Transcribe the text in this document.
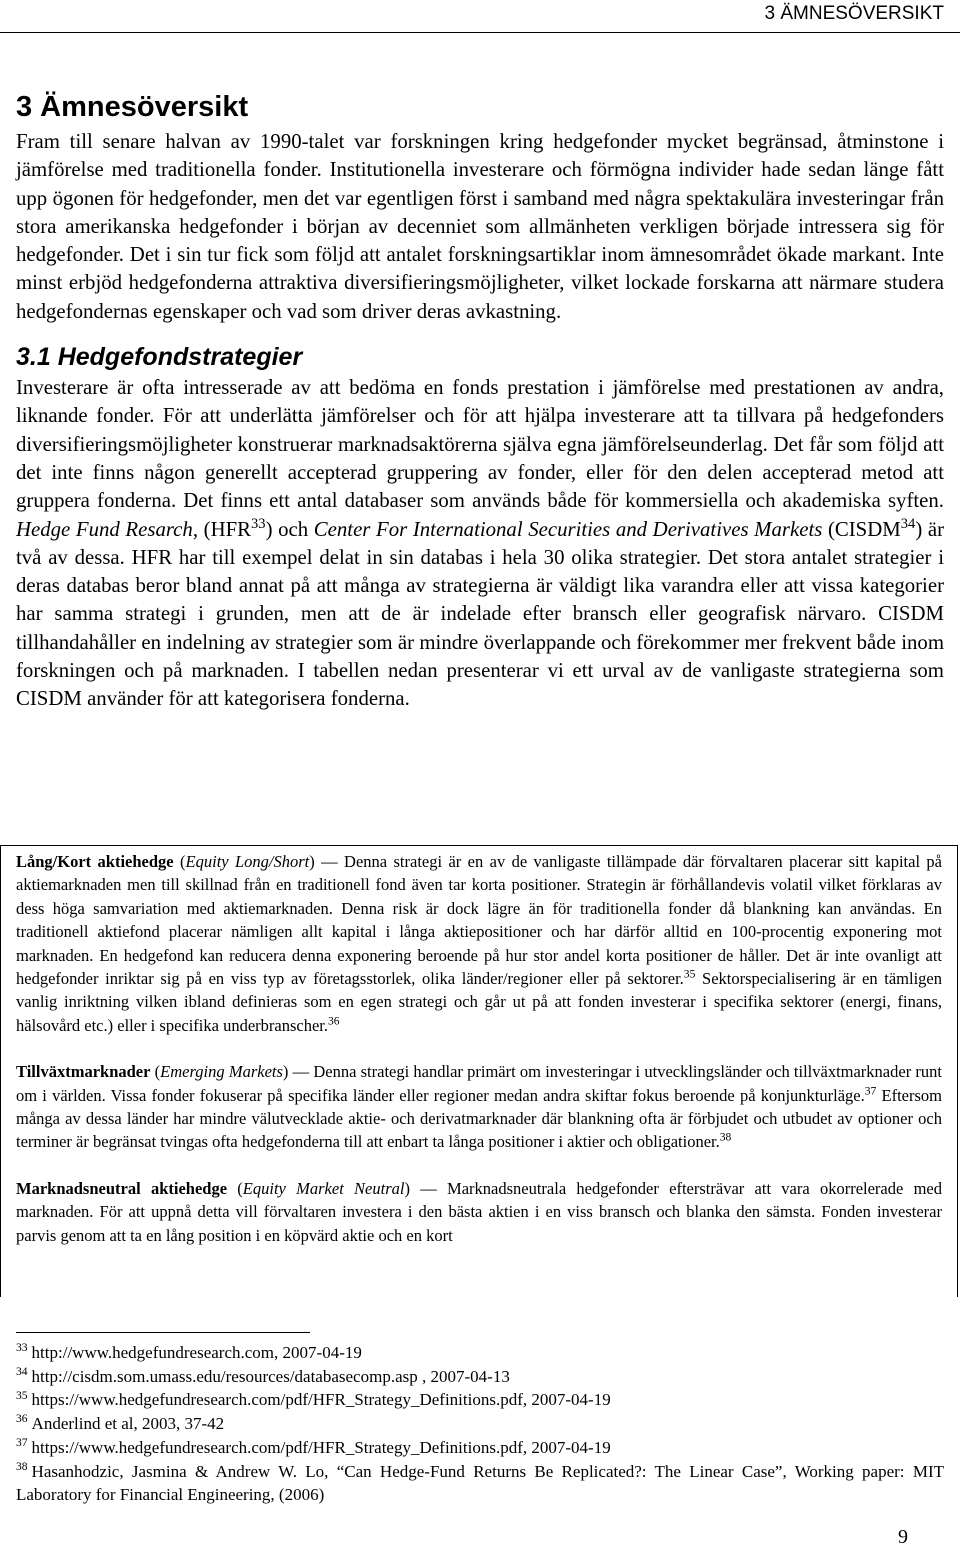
3 ÄMNESÖVERSIKT
3 Ämnesöversikt

Fram till senare halvan av 1990-talet var forskningen kring hedgefonder mycket begränsad, åtminstone i jämförelse med traditionella fonder. Institutionella investerare och förmögna individer hade sedan länge fått upp ögonen för hedgefonder, men det var egentligen först i samband med några spektakulära investeringar från stora amerikanska hedgefonder i början av decenniet som allmänheten verkligen började intressera sig för hedgefonder. Det i sin tur fick som följd att antalet forskningsartiklar inom ämnesområdet ökade markant. Inte minst erbjöd hedgefonderna attraktiva diversifieringsmöjligheter, vilket lockade forskarna att närmare studera hedgefondernas egenskaper och vad som driver deras avkastning.

3.1 Hedgefondstrategier

Investerare är ofta intresserade av att bedöma en fonds prestation i jämförelse med prestationen av andra, liknande fonder. För att underlätta jämförelser och för att hjälpa investerare att ta tillvara på hedgefonders diversifieringsmöjligheter konstruerar marknadsaktörerna själva egna jämförelseunderlag. Det får som följd att det inte finns någon generellt accepterad gruppering av fonder, eller för den delen accepterad metod att gruppera fonderna. Det finns ett antal databaser som används både för kommersiella och akademiska syften. Hedge Fund Resarch, (HFR$^{33}$) och Center For International Securities and Derivatives Markets (CISDM$^{34}$) är två av dessa. HFR har till exempel delat in sin databas i hela 30 olika strategier. Det stora antalet strategier i deras databas beror bland annat på att många av strategierna är väldigt lika varandra eller att vissa kategorier har samma strategi i grunden, men att de är indelade efter bransch eller geografisk närvaro. CISDM tillhandahåller en indelning av strategier som är mindre överlappande och förekommer mer frekvent både inom forskningen och på marknaden. I tabellen nedan presenterar vi ett urval av de vanligaste strategierna som CISDM använder för att kategorisera fonderna.

Lång/Kort aktiehedge (Equity Long/Short) — Denna strategi är en av de vanligaste tillämpade där förvaltaren placerar sitt kapital på aktiemarknaden men till skillnad från en traditionell fond även tar korta positioner. Strategin är förhållandevis volatil vilket förklaras av dess höga samvariation med aktiemarknaden. Denna risk är dock lägre än för traditionella fonder då blankning kan användas. En traditionell aktiefond placerar nämligen allt kapital i långa aktiepositioner och har därför alltid en 100-procentig exponering mot marknaden. En hedgefond kan reducera denna exponering beroende på hur stor andel korta positioner de håller. Det är inte ovanligt att hedgefonder inriktar sig på en viss typ av företagsstorlek, olika länder/regioner eller på sektorer.$^{35}$ Sektorspecialisering är en tämligen vanlig inriktning vilken ibland definieras som en egen strategi och går ut på att fonden investerar i specifika sektorer (energi, finans, hälsovård etc.) eller i specifika underbranscher.$^{36}$

Tillväxtmarknader (Emerging Markets) — Denna strategi handlar primärt om investeringar i utvecklingsländer och tillväxtmarknader runt om i världen. Vissa fonder fokuserar på specifika länder eller regioner medan andra skiftar fokus beroende på konjunkturläge.$^{37}$ Eftersom många av dessa länder har mindre välutvecklade aktie- och derivatmarknader där blankning ofta är förbjudet och utbudet av optioner och terminer är begränsat tvingas ofta hedgefonderna till att enbart ta långa positioner i aktier och obligationer.$^{38}$

Marknadsneutral aktiehedge (Equity Market Neutral) — Marknadsneutrala hedgefonder eftersträvar att vara okorrelerade med marknaden. För att uppnå detta vill förvaltaren investera i den bästa aktien i en viss bransch och blanka den sämsta. Fonden investerar parvis genom att ta en lång position i en köpvärd aktie och en kort

$^{33}$ http://www.hedgefundresearch.com, 2007-04-19

$^{34}$ http://cisdm.som.umass.edu/resources/databasecomp.asp , 2007-04-13

$^{35}$ https://www.hedgefundresearch.com/pdf/HFR_Strategy_Definitions.pdf, 2007-04-19

$^{36}$ Anderlind et al, 2003, 37-42

$^{37}$ https://www.hedgefundresearch.com/pdf/HFR_Strategy_Definitions.pdf, 2007-04-19

$^{38}$ Hasanhodzic, Jasmina & Andrew W. Lo, “Can Hedge-Fund Returns Be Replicated?: The Linear Case”, Working paper: MIT Laboratory for Financial Engineering, (2006)

9
